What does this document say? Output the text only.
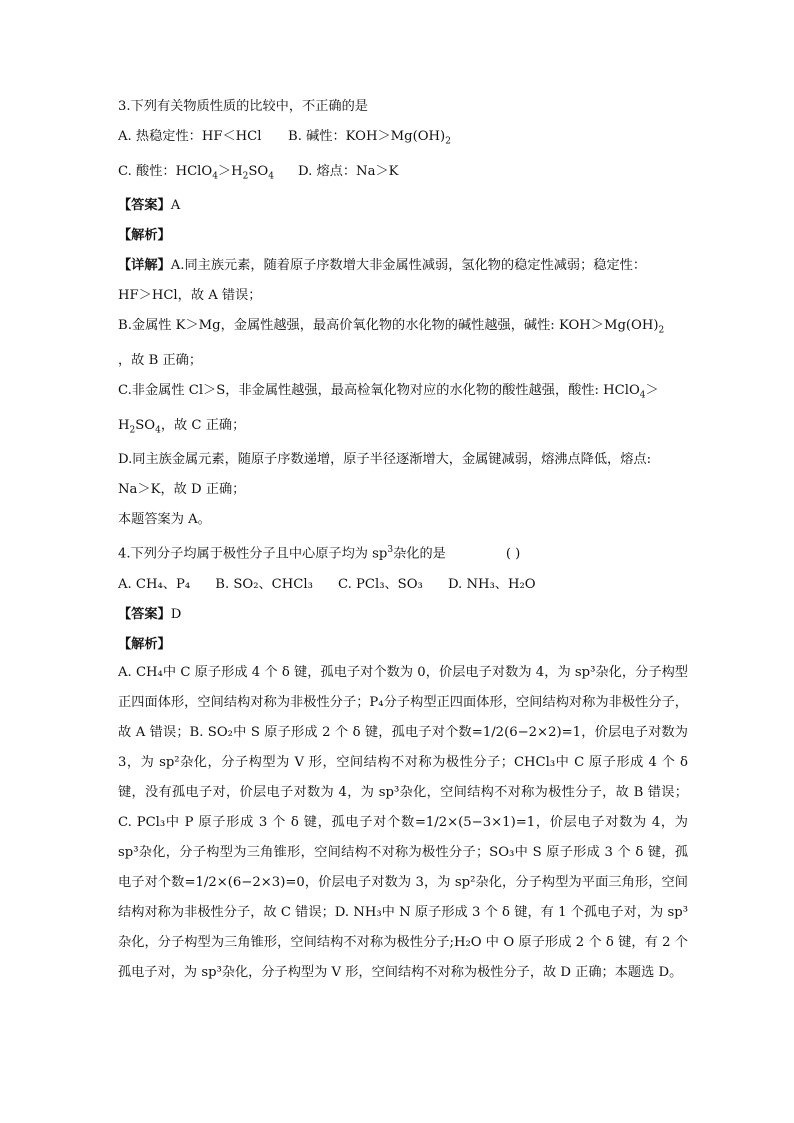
3.下列有关物质性质的比较中，不正确的是
A. 热稳定性：HF＜HCl B. 碱性：$KOH>Mg(OH)_2$
C. 酸性：$HClO_4>H_2SO_4$ D. 熔点：Na＞K
【答案】A
【解析】
【详解】A.同主族元素，随着原子序数增大非金属性减弱，氢化物的稳定性减弱；稳定性：
HF＞HCl，故 A 错误；
B.金属性 K＞Mg，金属性越强，最高价氧化物的水化物的碱性越强，碱性: $KOH>Mg(OH)_2$
，故 B 正确；
C.非金属性 Cl＞S，非金属性越强，最高检氧化物对应的水化物的酸性越强，酸性: HClO$_4$＞
$H_2SO_4$，故 C 正确；
D.同主族金属元素，随原子序数递增，原子半径逐渐增大，金属键减弱，熔沸点降低，熔点:
Na＞K，故 D 正确；
本题答案为 A。
4.下列分子均属于极性分子且中心原子均为 $sp^3$杂化的是	( )
A. CH₄、P₄      B. SO₂、CHCl₃      C. PCl₃、SO₃      D. NH₃、H₂O
【答案】D
【解析】
A. CH₄中 C 原子形成 4 个 δ 键，孤电子对个数为 0，价层电子对数为 4，为 sp³杂化，分子构型正四面体形，空间结构对称为非极性分子；P₄分子构型正四面体形，空间结构对称为非极性分子，故 A 错误；B. SO₂中 S 原子形成 2 个 δ 键，孤电子对个数=1/2(6−2×2)=1，价层电子对数为 3，为 sp²杂化，分子构型为 V 形，空间结构不对称为极性分子；CHCl₃中 C 原子形成 4 个 δ 键，没有孤电子对，价层电子对数为 4，为 sp³杂化，空间结构不对称为极性分子，故 B 错误；C. PCl₃中 P 原子形成 3 个 δ 键，孤电子对个数=1/2×(5−3×1)=1，价层电子对数为 4，为 sp³杂化，分子构型为三角锥形，空间结构不对称为极性分子；SO₃中 S 原子形成 3 个 δ 键，孤电子对个数=1/2×(6−2×3)=0，价层电子对数为 3，为 sp²杂化，分子构型为平面三角形，空间结构对称为非极性分子，故 C 错误；D. NH₃中 N 原子形成 3 个 δ 键，有 1 个孤电子对，为 sp³杂化，分子构型为三角锥形，空间结构不对称为极性分子;H₂O 中 O 原子形成 2 个 δ 键，有 2 个孤电子对，为 sp³杂化，分子构型为 V 形，空间结构不对称为极性分子，故 D 正确；本题选 D。
